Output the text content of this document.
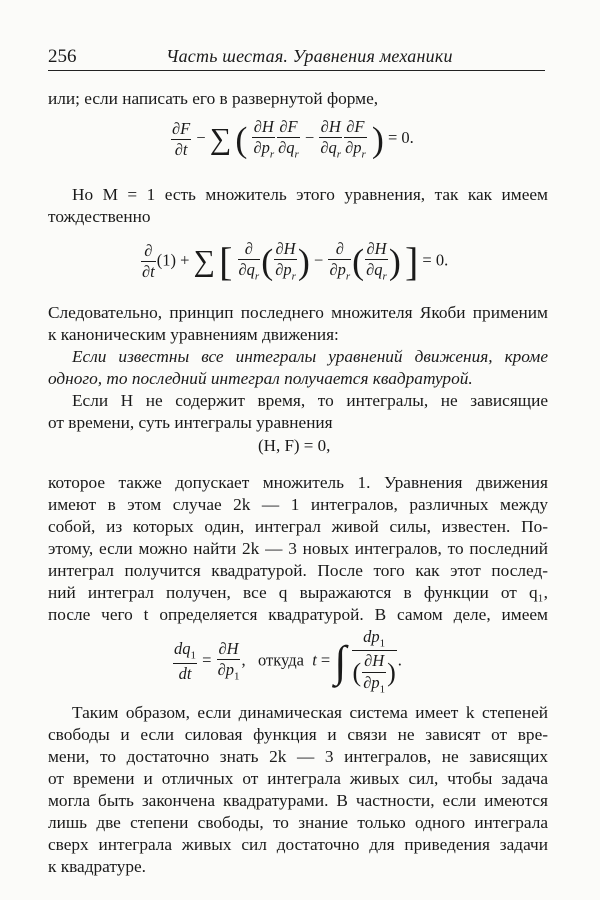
256	Часть шестая. Уравнения механики

или; если написать его в развернутой форме,

$\frac{\partial F}{\partial t}$ − ∑ ( $\frac{\partial H}{\partial p_r} \frac{\partial F}{\partial q_r} - \frac{\partial H}{\partial q_r} \frac{\partial F}{\partial p_r}$ ) = 0.

Но M = 1 есть множитель этого уравнения, так как имеем

тождественно

$\frac{\partial}{\partial t} (1)$ + ∑ [ $\frac{\partial}{\partial q_r}$ ( $\frac{\partial H}{\partial p_r}$ ) − $\frac{\partial}{\partial p_r}$ ( $\frac{\partial H}{\partial q_r}$ ) ] = 0.

Следовательно, принцип последнего множителя Якоби применим

к каноническим уравнениям движения:

Если известны все интегралы уравнений движения, кроме

одного, то последний интеграл получается квадратурой.

Если H не содержит время, то интегралы, не зависящие

от времени, суть интегралы уравнения

(H, F) = 0,

которое также допускает множитель 1. Уравнения движения

имеют в этом случае 2k — 1 интегралов, различных между

собой, из которых один, интеграл живой силы, известен. По-

этому, если можно найти 2k — 3 новых интегралов, то последний

интеграл получится квадратурой. После того как этот послед-

ний интеграл получен, все q выражаются в функции от q₁,

после чего t определяется квадратурой. В самом деле, имеем

$\frac{dq_1}{dt} = \frac{\partial H}{\partial p_1}$ ,   откуда  t = ∫ $\frac{dp_1}{( \frac{\partial H}{\partial p_1} )}$ .

Таким образом, если динамическая система имеет k степеней

свободы и если силовая функция и связи не зависят от вре-

мени, то достаточно знать 2k — 3 интегралов, не зависящих

от времени и отличных от интеграла живых сил, чтобы задача

могла быть закончена квадратурами. В частности, если имеются

лишь две степени свободы, то знание только одного интеграла

сверх интеграла живых сил достаточно для приведения задачи

к квадратуре.
